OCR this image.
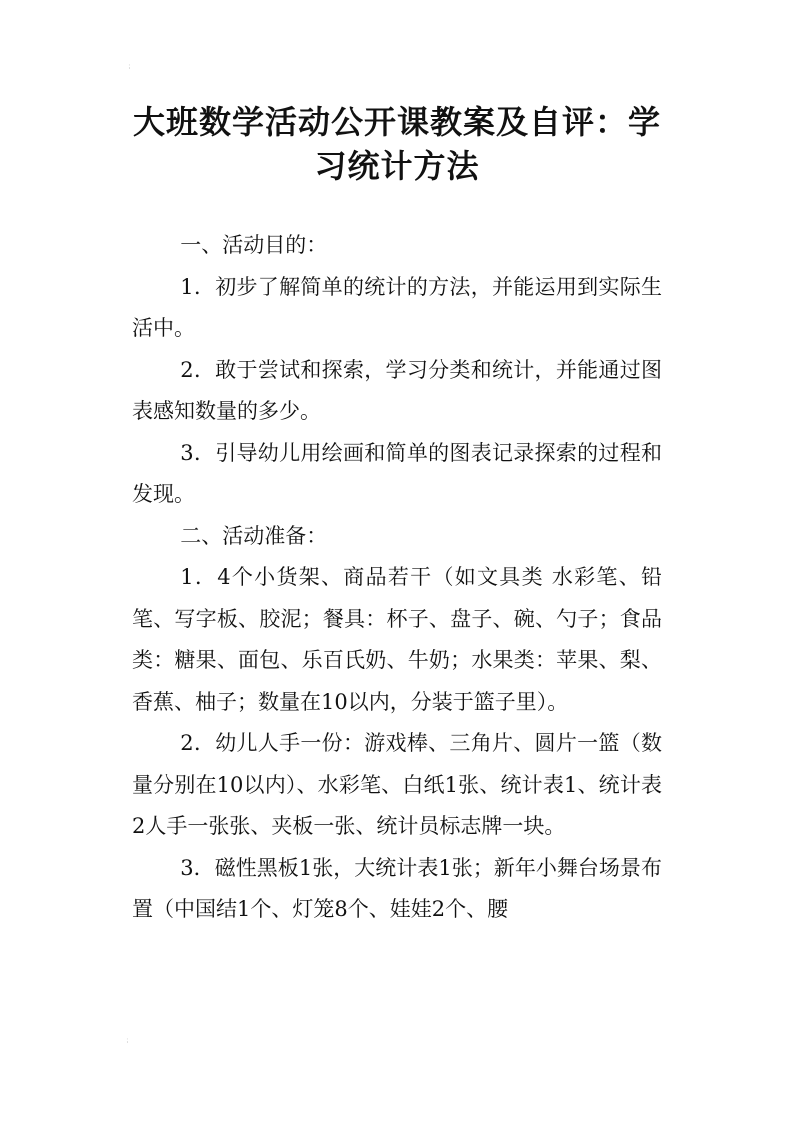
⁏
⁏
大班数学活动公开课教案及自评：学习统计方法

一、活动目的：

1．初步了解简单的统计的方法，并能运用到实际生活中。

2．敢于尝试和探索，学习分类和统计，并能通过图表感知数量的多少。

3．引导幼儿用绘画和简单的图表记录探索的过程和发现。

二、活动准备：

1．4个小货架、商品若干（如文具类 水彩笔、铅笔、写字板、胶泥；餐具：杯子、盘子、碗、勺子；食品类：糖果、面包、乐百氏奶、牛奶；水果类：苹果、梨、香蕉、柚子；数量在10以内，分装于篮子里）。

2．幼儿人手一份：游戏棒、三角片、圆片一篮（数量分别在10以内）、水彩笔、白纸1张、统计表1、统计表2人手一张张、夹板一张、统计员标志牌一块。

3．磁性黑板1张，大统计表1张；新年小舞台场景布置（中国结1个、灯笼8个、娃娃2个、腰
